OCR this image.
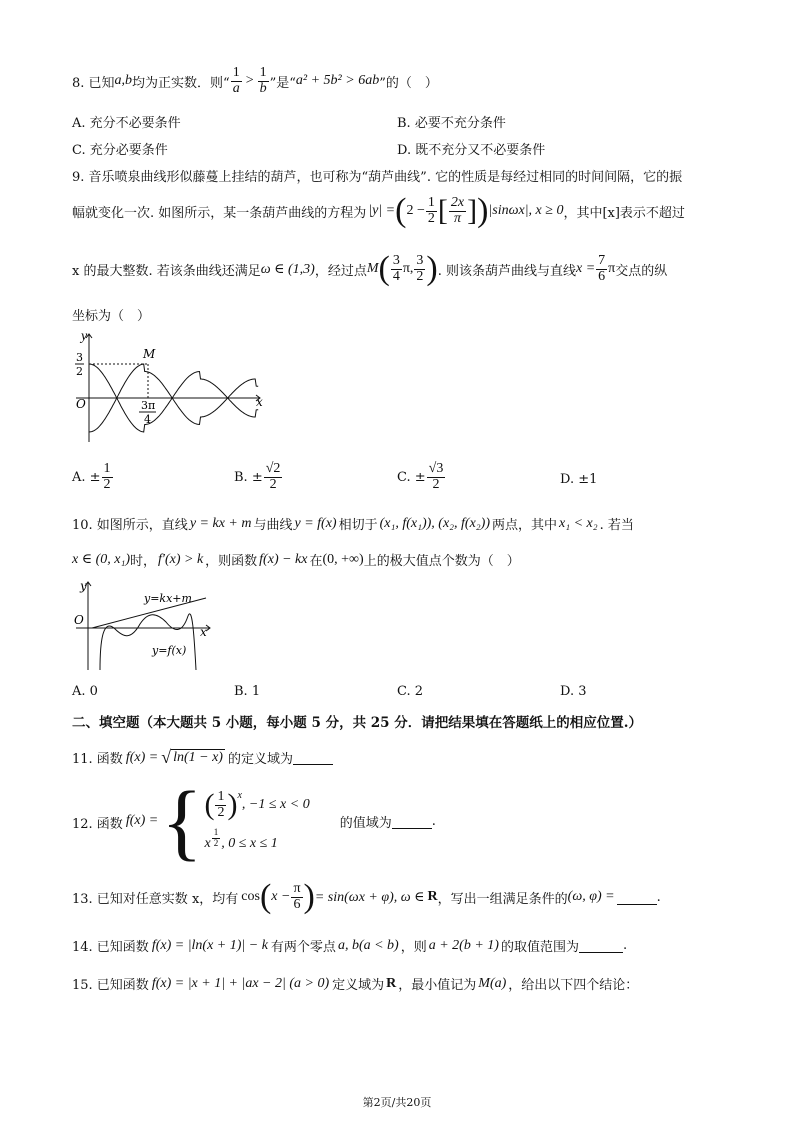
8. 已知 a,b 均为正实数．则“ $\frac{1}{a} > \frac{1}{b}$ ”是“ a² + 5b² > 6ab ”的（　）
A. 充分不必要条件	B. 必要不充分条件
C. 充分必要条件	D. 既不充分又不必要条件
9. 音乐喷泉曲线形似藤蔓上挂结的葫芦，也可称为“葫芦曲线”. 它的性质是每经过相同的时间间隔，它的振
幅就变化一次. 如图所示，某一条葫芦曲线的方程为 |y| = ( $2 - \frac{1}{2}$ [ $\frac{2x}{\pi}$ ] ) |sinωx|, x ≥ 0 ，其中[x]表示不超过
x 的最大整数. 若该条曲线还满足 ω ∈ (1,3) ，经过点 M ( $\frac{3}{4} \pi$, $\frac{3}{2}$ ) . 则该条葫芦曲线与直线 $x = \frac{7}{6}$ π 交点的纵
坐标为（　）
y
x
O
M
3
2
3π
4
A. ± $\frac{1}{2}$	B. ± $\frac{√2}{2}$	C. ± $\frac{√3}{2}$	D. ±1
10. 如图所示，直线 y = kx + m 与曲线 y = f(x) 相切于 (x₁, f(x₁)), (x₂, f(x₂)) 两点，其中 x₁ < x₂ . 若当
x ∈ (0, x₁) 时， f′(x) > k ，则函数 f(x) − kx 在 (0, +∞) 上的极大值点个数为（　）
y
x
O
y=kx+m
y=f(x)
A. 0	B. 1	C. 2	D. 3
二、填空题（本大题共 5 小题，每小题 5 分，共 25 分．请把结果填在答题纸上的相应位置.）
11. 函数 f(x) = √ ln(1 − x) 的定义域为
12. 函数 f(x) = { ( $\frac{1}{2} )^x$
, −1 ≤ x < 0
x $\frac{1}{2}$ , 0 ≤ x ≤ 1
的值域为	.
13. 已知对任意实数 x，均有 cos ( $x - \frac{\pi}{6}$ ) = sin(ωx + φ), ω ∈ R ，写出一组满足条件的 (ω, φ) =	.
14. 已知函数 f(x) = |ln(x + 1)| − k 有两个零点 a, b(a < b) ，则 a + 2(b + 1) 的取值范围为	.
15. 已知函数 f(x) = |x + 1| + |ax − 2| (a > 0) 定义域为 R ，最小值记为 M(a) ，给出以下四个结论：
第2页/共20页
